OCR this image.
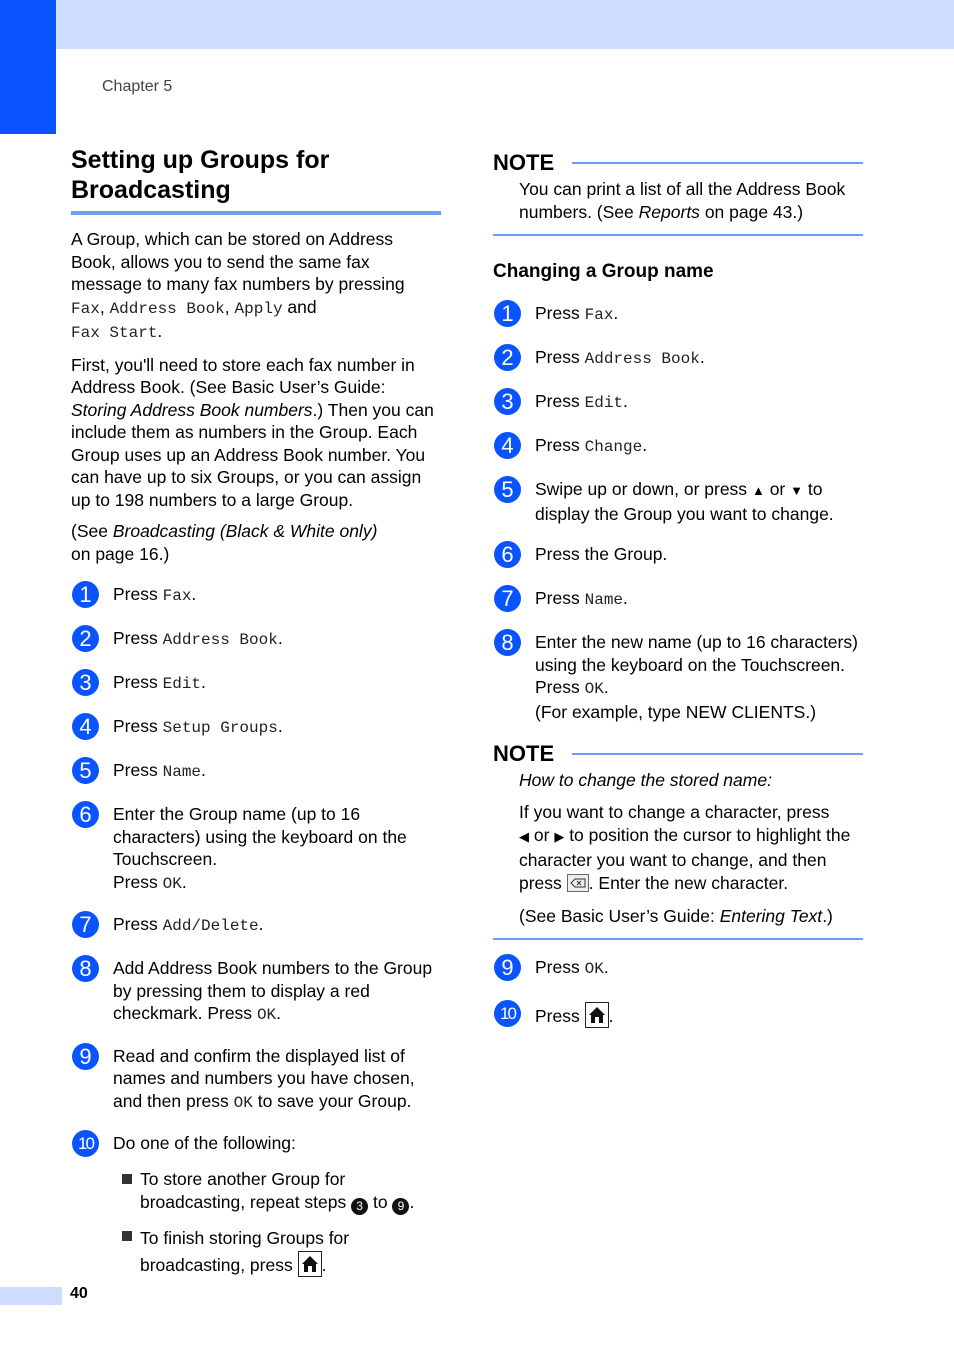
Chapter 5
Setting up Groups for
Broadcasting

A Group, which can be stored on Address Book, allows you to send the same fax message to many fax numbers by pressing
Fax, Address Book, Apply and
Fax Start.

First, you'll need to store each fax number in Address Book. (See Basic User’s Guide: Storing Address Book numbers.) Then you can include them as numbers in the Group. Each Group uses up an Address Book number. You can have up to six Groups, or you can assign up to 198 numbers to a large Group.

(See Broadcasting (Black & White only)
on page 16.)

1	Press Fax.
2	Press Address Book.
3	Press Edit.
4	Press Setup Groups.
5	Press Name.
6	Enter the Group name (up to 16 characters) using the keyboard on the Touchscreen.
Press OK.
7	Press Add/Delete.
8	Add Address Book numbers to the Group by pressing them to display a red checkmark. Press OK.
9	Read and confirm the displayed list of names and numbers you have chosen, and then press OK to save your Group.
10	Do one of the following:
To store another Group for broadcasting, repeat steps 3 to 9 .
To finish storing Groups for broadcasting, press .
NOTE

You can print a list of all the Address Book numbers. (See Reports on page 43.)

Changing a Group name
1	Press Fax.
2	Press Address Book.
3	Press Edit.
4	Press Change.
5	Swipe up or down, or press ▲ or ▼ to display the Group you want to change.
6	Press the Group.
7	Press Name.
8	Enter the new name (up to 16 characters) using the keyboard on the Touchscreen.
Press OK.
(For example, type NEW CLIENTS.)
NOTE

How to change the stored name:

If you want to change a character, press
◀ or ▶ to position the cursor to highlight the character you want to change, and then press . Enter the new character.

(See Basic User’s Guide: Entering Text.)

9	Press OK.
10	Press .
40
